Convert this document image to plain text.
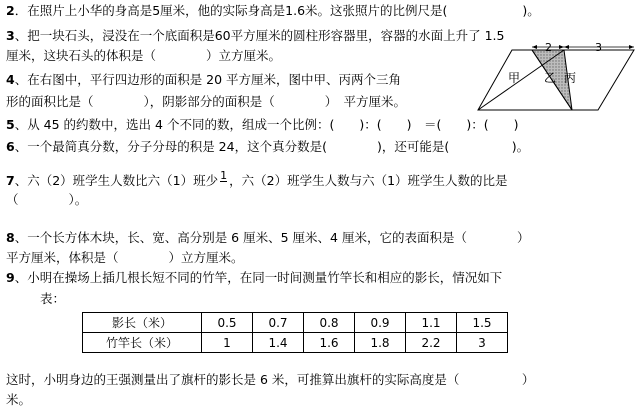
2．在照片上小华的身高是5厘米，他的实际身高是1.6米。这张照片的比例尺是(　　　　　　)。
3、把一块石头，浸没在一个底面积是60平方厘米的圆柱形容器里，容器的水面上升了 1.5
厘米，这块石头的体积是（　　　　）立方厘米。
4、在右图中，平行四边形的面积是 20 平方厘米，图中甲、丙两个三角
形的面积比是（　　　　），阴影部分的面积是（　　　　）　平方厘米。
2	3
甲 乙 丙
5、从 45 的约数中，选出 4 个不同的数，组成一个比例：(　　)：(　　)　＝(　　)：(　　)
6、一个最简真分数，分子分母的积是 24，这个真分数是(　　　　)，还可能是(　　　　　)。
7、六（2）班学生人数比六（1）班少 1
，六（2）班学生人数与六（1）班学生人数的比是
（　　　　）。
8、一个长方体木块，长、宽、高分别是 6 厘米、5 厘米、4 厘米，它的表面积是（　　　　）
平方厘米，体积是（　　　　）立方厘米。
9、小明在操场上插几根长短不同的竹竿，在同一时间测量竹竿长和相应的影长，情况如下
表：
影长（米）	0.5	0.7	0.8	0.9	1.1	1.5
竹竿长（米）	1	1.4	1.6	1.8	2.2	3
这时，小明身边的王强测量出了旗杆的影长是 6 米，可推算出旗杆的实际高度是（　　　　　）
米。
